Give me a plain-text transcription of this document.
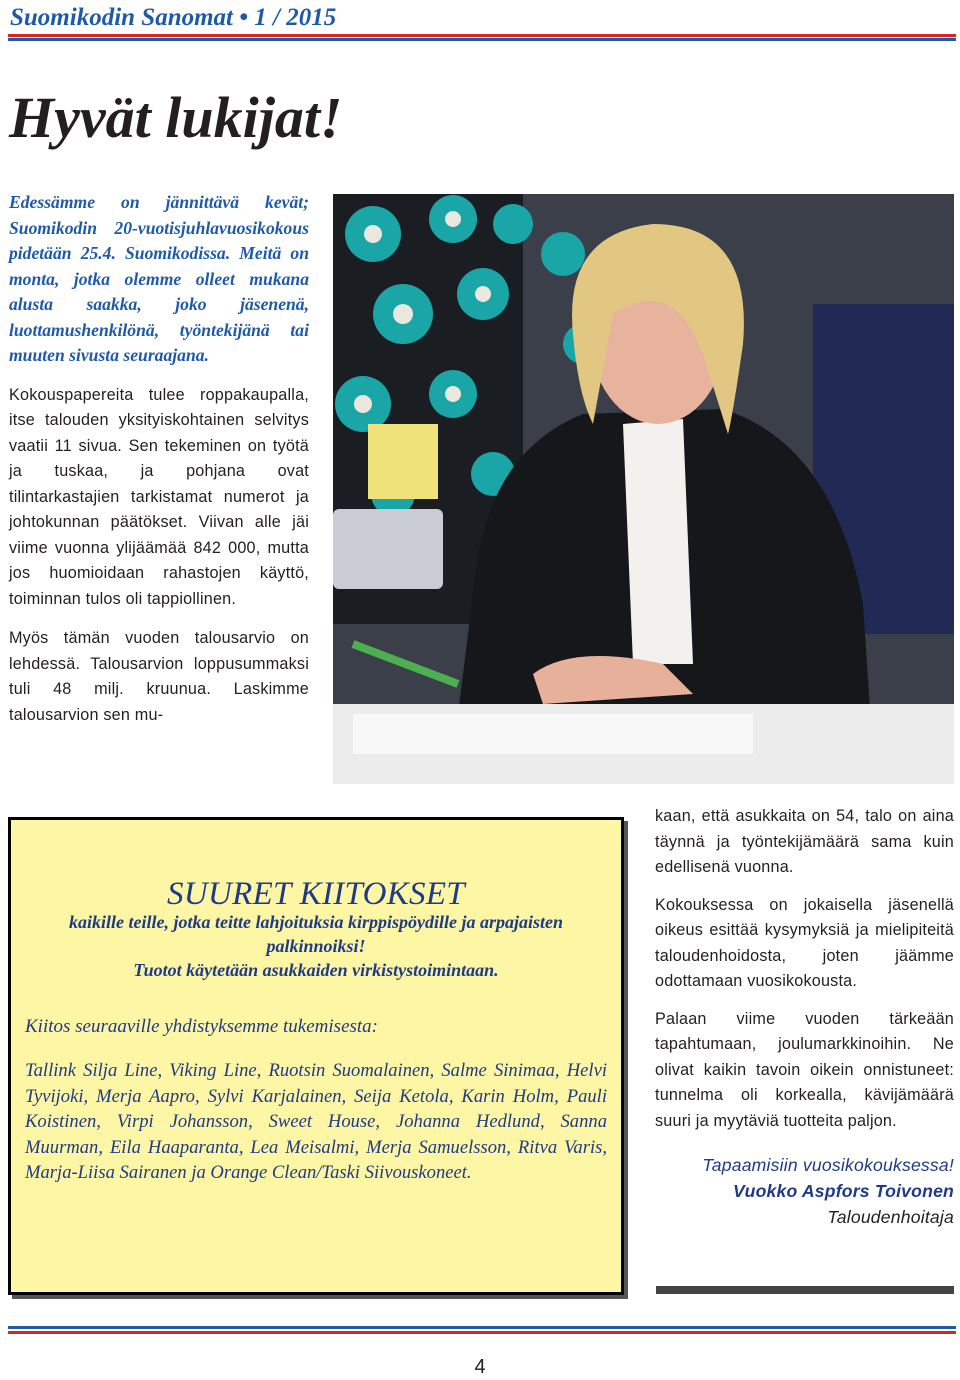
Suomikodin Sanomat • 1 / 2015
Hyvät lukijat!

Edessämme on jännittävä kevät; Suomikodin 20-vuotisjuhlavuosikokous pidetään 25.4. Suomikodissa. Meitä on monta, jotka olemme olleet mukana alusta saakka, joko jäsenenä, luottamushenkilönä, työntekijänä tai muuten sivusta seuraajana.

Kokouspapereita tulee roppakaupalla, itse talouden yksityiskohtainen selvitys vaatii 11 sivua. Sen tekeminen on työtä ja tuskaa, ja pohjana ovat tilintarkastajien tarkistamat numerot ja johtokunnan päätökset. Viivan alle jäi viime vuonna ylijäämää 842 000, mutta jos huomioidaan rahastojen käyttö, toiminnan tulos oli tappiollinen.

Myös tämän vuoden talousarvio on lehdessä. Talousarvion loppusummaksi tuli 48 milj. kruunua. Laskimme talousarvion sen mu-

SUURET KIITOKSET
kaikille teille, jotka teitte lahjoituksia kirppispöydille ja arpajaisten palkinnoiksi!
Tuotot käytetään asukkaiden virkistystoimintaan.
Kiitos seuraaville yhdistyksemme tukemisesta:
Tallink Silja Line, Viking Line, Ruotsin Suomalainen, Salme Sinimaa, Helvi Tyvijoki, Merja Aapro, Sylvi Karjalainen, Seija Ketola, Karin Holm, Pauli Koistinen, Virpi Johansson, Sweet House, Johanna Hedlund, Sanna Muurman, Eila Haaparanta, Lea Meisalmi, Merja Samuelsson, Ritva Varis, Marja-Liisa Sairanen ja Orange Clean/Taski Siivouskoneet.

kaan, että asukkaita on 54, talo on aina täynnä ja työntekijämäärä sama kuin edellisenä vuonna.

Kokouksessa on jokaisella jäsenellä oikeus esittää kysymyksiä ja mielipiteitä taloudenhoidosta, joten jäämme odottamaan vuosikokousta.

Palaan viime vuoden tärkeään tapahtumaan, joulumarkkinoihin. Ne olivat kaikin tavoin oikein onnistuneet: tunnelma oli korkealla, kävijämäärä suuri ja myytäviä tuotteita paljon.

Tapaamisiin vuosikokouksessa!
Vuokko Aspfors Toivonen
Taloudenhoitaja
4
